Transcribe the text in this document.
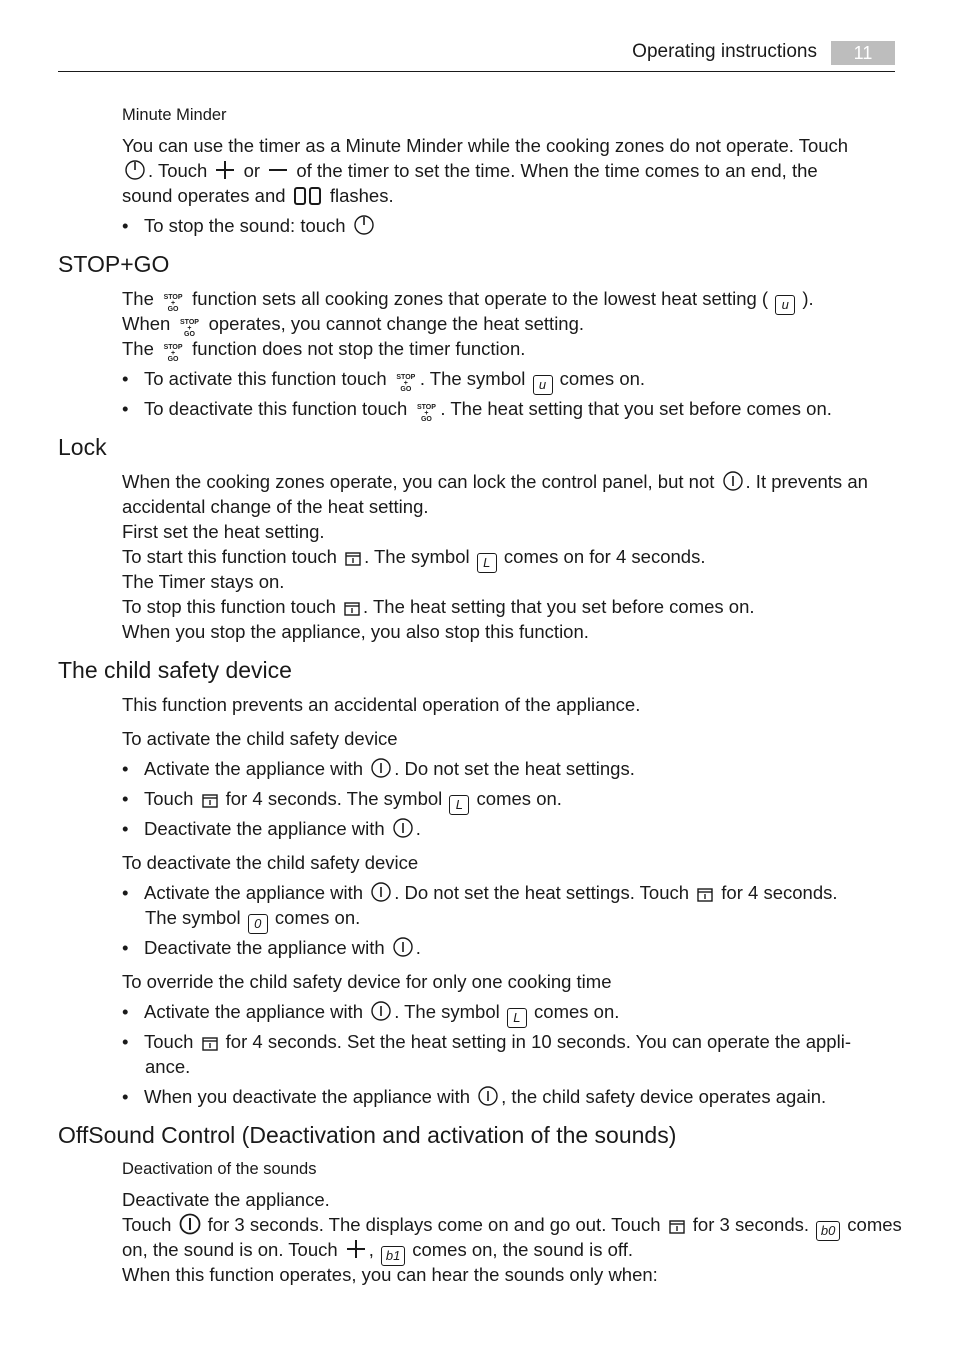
Operating instructions	11
Minute Minder
You can use the timer as a Minute Minder while the cooking zones do not operate. Touch
. Touch
or
of the timer to set the time. When the time comes to an end, the
sound operates and
flashes.
• To stop the sound: touch
STOP+GO
The STOP
+
GO
function sets all cooking zones that operate to the lowest heat setting ( u ).
When STOP
+
GO
operates, you cannot change the heat setting.
The STOP
+
GO
function does not stop the timer function.
• To activate this function touch STOP
+
GO
. The symbol u comes on.
• To deactivate this function touch STOP
+
GO
. The heat setting that you set before comes on.
Lock
When the cooking zones operate, you can lock the control panel, but not
. It prevents an
accidental change of the heat setting.
First set the heat setting.
To start this function touch
. The symbol L comes on for 4 seconds.
The Timer stays on.
To stop this function touch
. The heat setting that you set before comes on.
When you stop the appliance, you also stop this function.
The child safety device
This function prevents an accidental operation of the appliance.
To activate the child safety device
• Activate the appliance with
. Do not set the heat settings.
• Touch
for 4 seconds. The symbol L comes on.
• Deactivate the appliance with
.
To deactivate the child safety device
• Activate the appliance with
. Do not set the heat settings. Touch
for 4 seconds.
The symbol 0 comes on.
• Deactivate the appliance with
.
To override the child safety device for only one cooking time
• Activate the appliance with
. The symbol L comes on.
• Touch
for 4 seconds. Set the heat setting in 10 seconds. You can operate the appli-
ance.
• When you deactivate the appliance with
, the child safety device operates again.
OffSound Control (Deactivation and activation of the sounds)
Deactivation of the sounds
Deactivate the appliance.
Touch
for 3 seconds. The displays come on and go out. Touch
for 3 seconds. b0 comes
on, the sound is on. Touch
, b1 comes on, the sound is off.
When this function operates, you can hear the sounds only when:
